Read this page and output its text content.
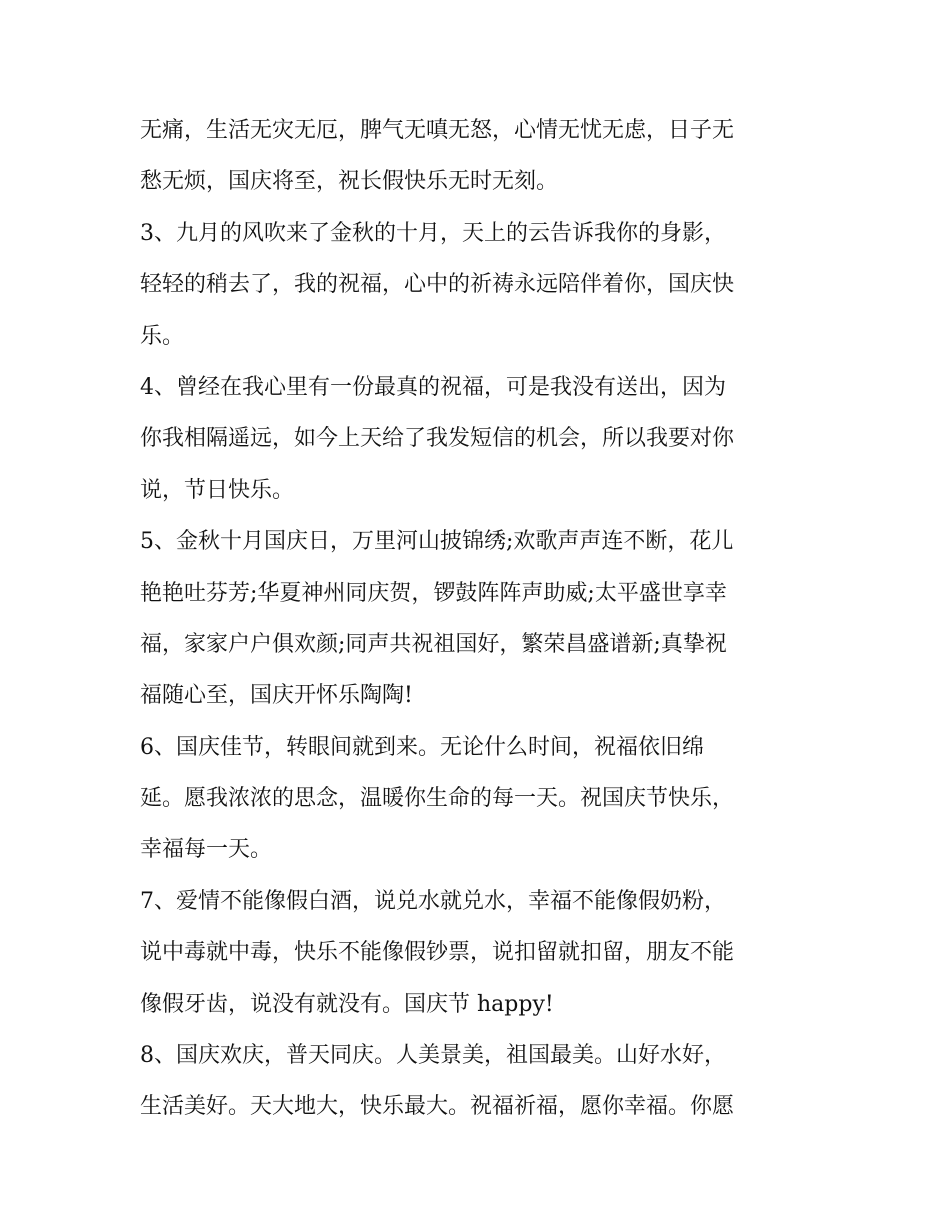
无痛，生活无灾无厄，脾气无嗔无怒，心情无忧无虑，日子无
愁无烦，国庆将至，祝长假快乐无时无刻。
3、九月的风吹来了金秋的十月，天上的云告诉我你的身影，
轻轻的稍去了，我的祝福，心中的祈祷永远陪伴着你，国庆快
乐。
4、曾经在我心里有一份最真的祝福，可是我没有送出，因为
你我相隔遥远，如今上天给了我发短信的机会，所以我要对你
说，节日快乐。
5、金秋十月国庆日，万里河山披锦绣;欢歌声声连不断，花儿
艳艳吐芬芳;华夏神州同庆贺，锣鼓阵阵声助威;太平盛世享幸
福，家家户户俱欢颜;同声共祝祖国好，繁荣昌盛谱新;真挚祝
福随心至，国庆开怀乐陶陶!
6、国庆佳节，转眼间就到来。无论什么时间，祝福依旧绵
延。愿我浓浓的思念，温暖你生命的每一天。祝国庆节快乐，
幸福每一天。
7、爱情不能像假白酒，说兑水就兑水，幸福不能像假奶粉，
说中毒就中毒，快乐不能像假钞票，说扣留就扣留，朋友不能
像假牙齿，说没有就没有。国庆节 happy!
8、国庆欢庆，普天同庆。人美景美，祖国最美。山好水好，
生活美好。天大地大，快乐最大。祝福祈福，愿你幸福。你愿
